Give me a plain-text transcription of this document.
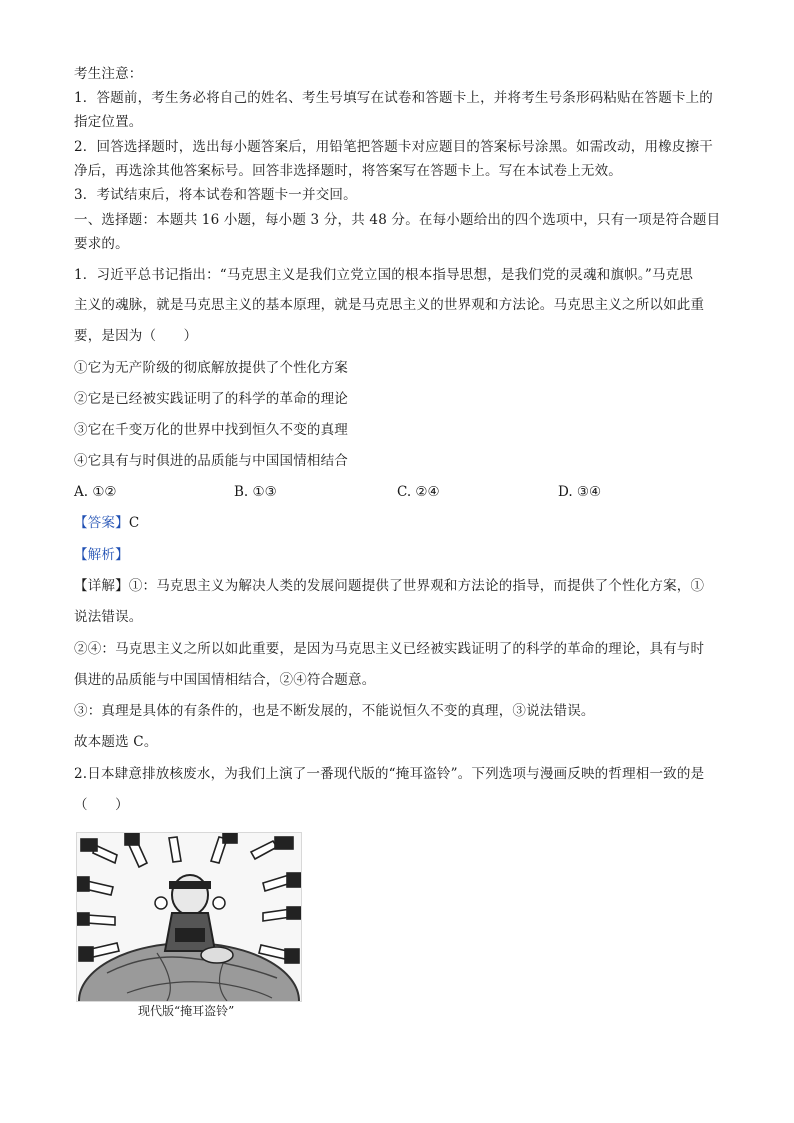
考生注意：
1．答题前，考生务必将自己的姓名、考生号填写在试卷和答题卡上，并将考生号条形码粘贴在答题卡上的
指定位置。
2．回答选择题时，选出每小题答案后，用铅笔把答题卡对应题目的答案标号涂黑。如需改动，用橡皮擦干
净后，再选涂其他答案标号。回答非选择题时，将答案写在答题卡上。写在本试卷上无效。
3．考试结束后，将本试卷和答题卡一并交回。
一、选择题：本题共 16 小题，每小题 3 分，共 48 分。在每小题给出的四个选项中，只有一项是符合题目
要求的。
1．习近平总书记指出：“马克思主义是我们立党立国的根本指导思想，是我们党的灵魂和旗帜。”马克思
主义的魂脉，就是马克思主义的基本原理，就是马克思主义的世界观和方法论。马克思主义之所以如此重
要，是因为（　　）
①它为无产阶级的彻底解放提供了个性化方案
②它是已经被实践证明了的科学的革命的理论
③它在千变万化的世界中找到恒久不变的真理
④它具有与时俱进的品质能与中国国情相结合
A. ①②	B. ①③	C. ②④	D. ③④
【答案】C
【解析】
【详解】①：马克思主义为解决人类的发展问题提供了世界观和方法论的指导，而提供了个性化方案，①
说法错误。
②④：马克思主义之所以如此重要，是因为马克思主义已经被实践证明了的科学的革命的理论，具有与时
俱进的品质能与中国国情相结合，②④符合题意。
③：真理是具体的有条件的，也是不断发展的，不能说恒久不变的真理，③说法错误。
故本题选 C。
2.日本肆意排放核废水，为我们上演了一番现代版的“掩耳盗铃”。下列选项与漫画反映的哲理相一致的是
（　　）
现代版“掩耳盗铃”
